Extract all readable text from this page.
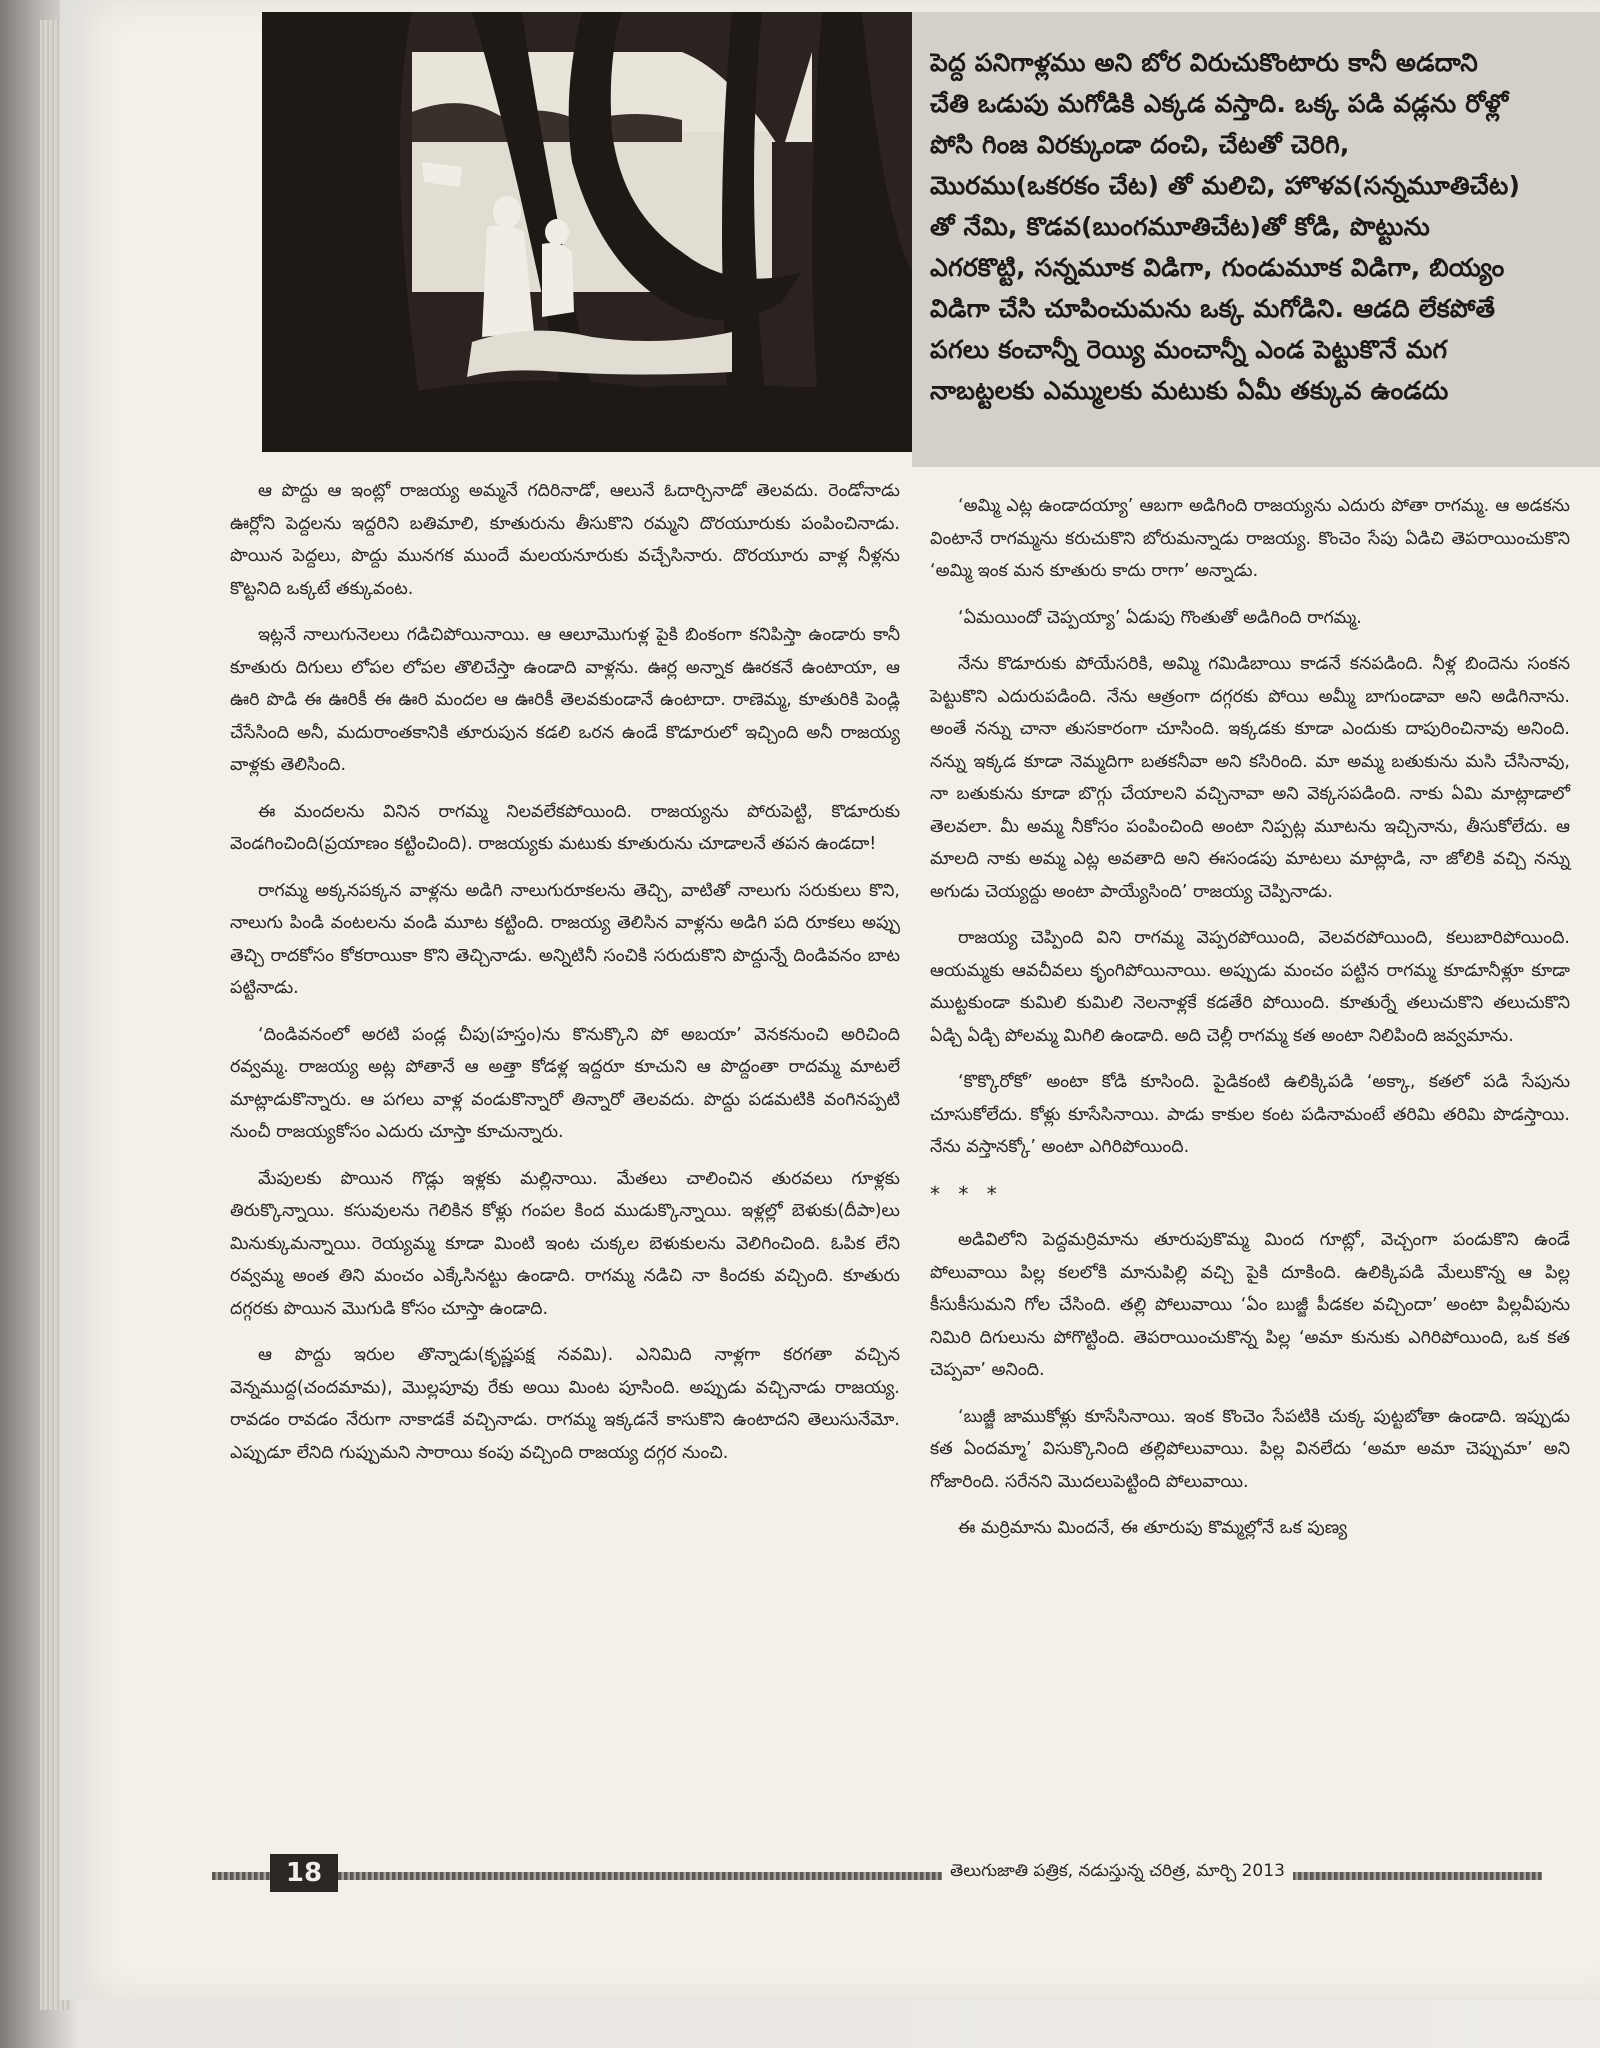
పెద్ద పనిగాళ్లము అని బోర విరుచుకొంటారు కానీ అడదాని

చేతి ఒడుపు మగోడికి ఎక్కడ వస్తాది. ఒక్క పడి వడ్లను రోళ్లో

పోసి గింజ విరక్కుండా దంచి, చేటతో చెరిగి,

మొరము(ఒకరకం చేట) తో మలిచి, హొళవ(సన్నమూతిచేట)

తో నేమి, కొడవ(బుంగమూతిచేట)తో కోడి, పొట్టును

ఎగరకొట్టి, సన్నమూక విడిగా, గుండుమూక విడిగా, బియ్యం

విడిగా చేసి చూపించుమను ఒక్క మగోడిని. ఆడది లేకపోతే

పగలు కంచాన్నీ రెయ్యి మంచాన్నీ ఎండ పెట్టుకొనే మగ

నాబట్టలకు ఎమ్ములకు మటుకు ఏమీ తక్కువ ఉండదు

ఆ పొద్దు ఆ ఇంట్లో రాజయ్య అమ్మనే గదిరినాడో, ఆలునే ఓదార్చినాడో తెలవదు. రెండోనాడు ఊర్లోని పెద్దలను ఇద్దరిని బతిమాలి, కూతురును తీసుకొని రమ్మని దొరయూరుకు పంపించినాడు. పొయిన పెద్దలు, పొద్దు మునగక ముందే మలయనూరుకు వచ్చేసినారు. దొరయూరు వాళ్ల నీళ్లను కొట్టనిది ఒక్కటే తక్కువంట.

ఇట్లనే నాలుగునెలలు గడిచిపోయినాయి. ఆ ఆలూమొగుళ్ల పైకి బింకంగా కనిపిస్తా ఉండారు కానీ కూతురు దిగులు లోపల లోపల తొలిచేస్తా ఉండాది వాళ్లను. ఊర్ల అన్నాక ఊరకనే ఉంటాయా, ఆ ఊరి పొడి ఈ ఊరికీ ఈ ఊరి మందల ఆ ఊరికీ తెలవకుండానే ఉంటాదా. రాణెమ్మ, కూతురికి పెండ్లి చేసేసింది అనీ, మదురాంతకానికి తూరుపున కడలి ఒరన ఉండే కొడూరులో ఇచ్చింది అనీ రాజయ్య వాళ్లకు తెలిసింది.

ఈ మందలను వినిన రాగమ్మ నిలవలేకపోయింది. రాజయ్యను పోరుపెట్టి, కొడూరుకు వెండగించింది(ప్రయాణం కట్టించింది). రాజయ్యకు మటుకు కూతురును చూడాలనే తపన ఉండదా!

రాగమ్మ అక్కనపక్కన వాళ్లను అడిగి నాలుగురూకలను తెచ్చి, వాటితో నాలుగు సరుకులు కొని, నాలుగు పిండి వంటలను వండి మూట కట్టింది. రాజయ్య తెలిసిన వాళ్లను అడిగి పది రూకలు అప్పు తెచ్చి రాదకోసం కోకరాయికా కొని తెచ్చినాడు. అన్నిటినీ సంచికి సరుదుకొని పొద్దున్నే దిండివనం బాట పట్టినాడు.

‘దిండివనంలో అరటి పండ్ల చీపు(హస్తం)ను కొనుక్కొని పో అబయా’ వెనకనుంచి అరిచింది రవ్వమ్మ. రాజయ్య అట్ల పోతానే ఆ అత్తా కోడళ్ల ఇద్దరూ కూచుని ఆ పొద్దంతా రాదమ్మ మాటలే మాట్లాడుకొన్నారు. ఆ పగలు వాళ్ల వండుకొన్నారో తిన్నారో తెలవదు. పొద్దు పడమటికి వంగినప్పటి నుంచీ రాజయ్యకోసం ఎదురు చూస్తా కూచున్నారు.

మేపులకు పొయిన గొడ్లు ఇళ్లకు మల్లినాయి. మేతలు చాలించిన తురవలు గూళ్లకు తిరుక్కొన్నాయి. కసువులను గెలికిన కోళ్లు గంపల కింద ముడుక్కొన్నాయి. ఇళ్లల్లో బెళుకు(దీపా)లు మినుక్కుమన్నాయి. రెయ్యమ్మ కూడా మింటి ఇంట చుక్కల బెళుకులను వెలిగించింది. ఓపిక లేని రవ్వమ్మ అంత తిని మంచం ఎక్కేసినట్టు ఉండాది. రాగమ్మ నడిచి నా కిందకు వచ్చింది. కూతురు దగ్గరకు పొయిన మొగుడి కోసం చూస్తా ఉండాది.

ఆ పొద్దు ఇరుల తొన్నాడు(కృష్ణపక్ష నవమి). ఎనిమిది నాళ్లగా కరగతా వచ్చిన వెన్నముద్ద(చందమామ), మొల్లపూవు రేకు అయి మింట పూసింది. అప్పుడు వచ్చినాడు రాజయ్య. రావడం రావడం నేరుగా నాకాడకే వచ్చినాడు. రాగమ్మ ఇక్కడనే కాసుకొని ఉంటాదని తెలుసునేమో. ఎప్పుడూ లేనిది గుప్పుమని సారాయి కంపు వచ్చింది రాజయ్య దగ్గర నుంచి.

‘అమ్మి ఎట్ల ఉండాదయ్యా’ ఆబగా అడిగింది రాజయ్యను ఎదురు పోతా రాగమ్మ. ఆ అడకను వింటానే రాగమ్మను కరుచుకొని బోరుమన్నాడు రాజయ్య. కొంచెం సేపు ఏడిచి తెపరాయించుకొని ‘అమ్మి ఇంక మన కూతురు కాదు రాగా’ అన్నాడు.

‘ఏమయిందో చెప్పయ్యా’ ఏడుపు గొంతుతో అడిగింది రాగమ్మ.

నేను కొడూరుకు పోయేసరికి, అమ్మి గమిడిబాయి కాడనే కనపడింది. నీళ్ల బిందెను సంకన పెట్టుకొని ఎదురుపడింది. నేను ఆత్రంగా దగ్గరకు పోయి అమ్మీ బాగుండావా అని అడిగినాను. అంతే నన్ను చానా తుసకారంగా చూసింది. ఇక్కడకు కూడా ఎందుకు దాపురించినావు అనింది. నన్ను ఇక్కడ కూడా నెమ్మదిగా బతకనీవా అని కసిరింది. మా అమ్మ బతుకును మసి చేసినావు, నా బతుకును కూడా బొగ్గు చేయాలని వచ్చినావా అని వెక్కసపడింది. నాకు ఏమి మాట్లాడాలో తెలవలా. మీ అమ్మ నీకోసం పంపించింది అంటా నిప్పట్ల మూటను ఇచ్చినాను, తీసుకోలేదు. ఆ మాలది నాకు అమ్మ ఎట్ల అవతాది అని ఈసండపు మాటలు మాట్లాడి, నా జోలికి వచ్చి నన్ను అగుడు చెయ్యద్దు అంటా పాయ్యేసింది’ రాజయ్య చెప్పినాడు.

రాజయ్య చెప్పింది విని రాగమ్మ వెప్పరపోయింది, వెలవరపోయింది, కలుబారిపోయింది. ఆయమ్మకు ఆవచీవలు కృంగిపోయినాయి. అప్పుడు మంచం పట్టిన రాగమ్మ కూడూనీళ్లూ కూడా ముట్టకుండా కుమిలి కుమిలి నెలనాళ్లకే కడతేరి పోయింది. కూతుర్నే తలుచుకొని తలుచుకొని ఏడ్చి ఏడ్చి పోలమ్మ మిగిలి ఉండాది. అది చెల్లీ రాగమ్మ కత అంటా నిలిపింది జవ్వమాను.

‘కొక్కొరోకో’ అంటా కోడి కూసింది. పైడికంటి ఉలిక్కిపడి ‘అక్కా, కతలో పడి సేపును చూసుకోలేదు. కోళ్లు కూసేసినాయి. పాడు కాకుల కంట పడినామంటే తరిమి తరిమి పొడస్తాయి. నేను వస్తానక్కో’ అంటా ఎగిరిపోయింది.

* * *

అడివిలోని పెద్దమర్రిమాను తూరుపుకొమ్మ మింద గూట్లో, వెచ్చంగా పండుకొని ఉండే పోలువాయి పిల్ల కలలోకి మానుపిల్లి వచ్చి పైకి దూకింది. ఉలిక్కిపడి మేలుకొన్న ఆ పిల్ల కీసుకీసుమని గోల చేసింది. తల్లి పోలువాయి ‘ఏం బుజ్జీ పీడకల వచ్చిందా’ అంటా పిల్లవీపును నిమిరి దిగులును పోగొట్టింది. తెపరాయించుకొన్న పిల్ల ‘అమా కునుకు ఎగిరిపోయింది, ఒక కత చెప్పవా’ అనింది.

‘బుజ్జీ జాముకోళ్లు కూసేసినాయి. ఇంక కొంచెం సేపటికి చుక్క పుట్టబోతా ఉండాది. ఇప్పుడు కత ఏందమ్మా’ విసుక్కొనింది తల్లిపోలువాయి. పిల్ల వినలేదు ‘అమా అమా చెప్పుమా’ అని గోజారింది. సరేనని మొదలుపెట్టింది పోలువాయి.

ఈ మర్రిమాను మిందనే, ఈ తూరుపు కొమ్మల్లోనే ఒక పుణ్య

18	తెలుగుజాతి పత్రిక, నడుస్తున్న చరిత్ర, మార్చి 2013
